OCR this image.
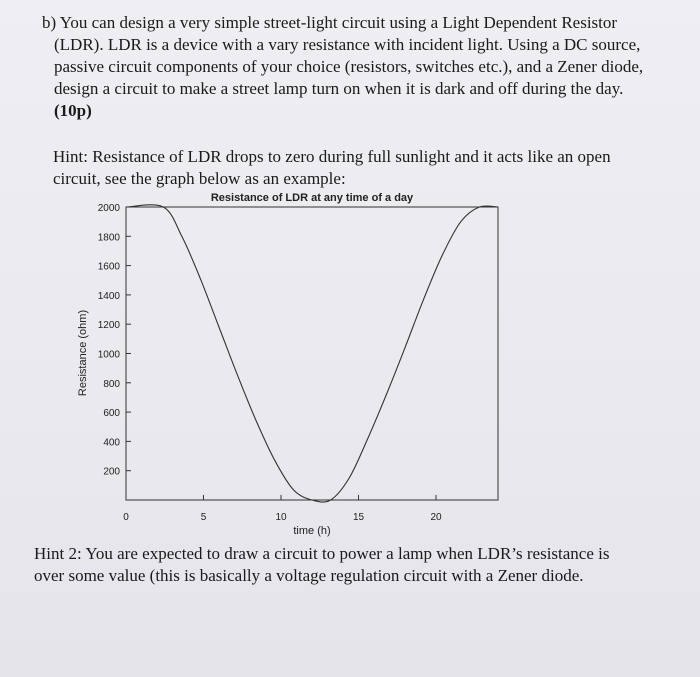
b) You can design a very simple street-light circuit using a Light Dependent Resistor
(LDR). LDR is a device with a vary resistance with incident light. Using a DC source,
passive circuit components of your choice (resistors, switches etc.), and a Zener diode,
design a circuit to make a street lamp turn on when it is dark and off during the day.
(10p)
Hint: Resistance of LDR drops to zero during full sunlight and it acts like an open
circuit, see the graph below as an example:
Resistance of LDR at any time of a day
200
400
600
800
1000
1200
1400
1600
1800
2000
0	5	10	15	20
Resistance (ohm)
time (h)
Hint 2: You are expected to draw a circuit to power a lamp when LDR’s resistance is
over some value (this is basically a voltage regulation circuit with a Zener diode.
